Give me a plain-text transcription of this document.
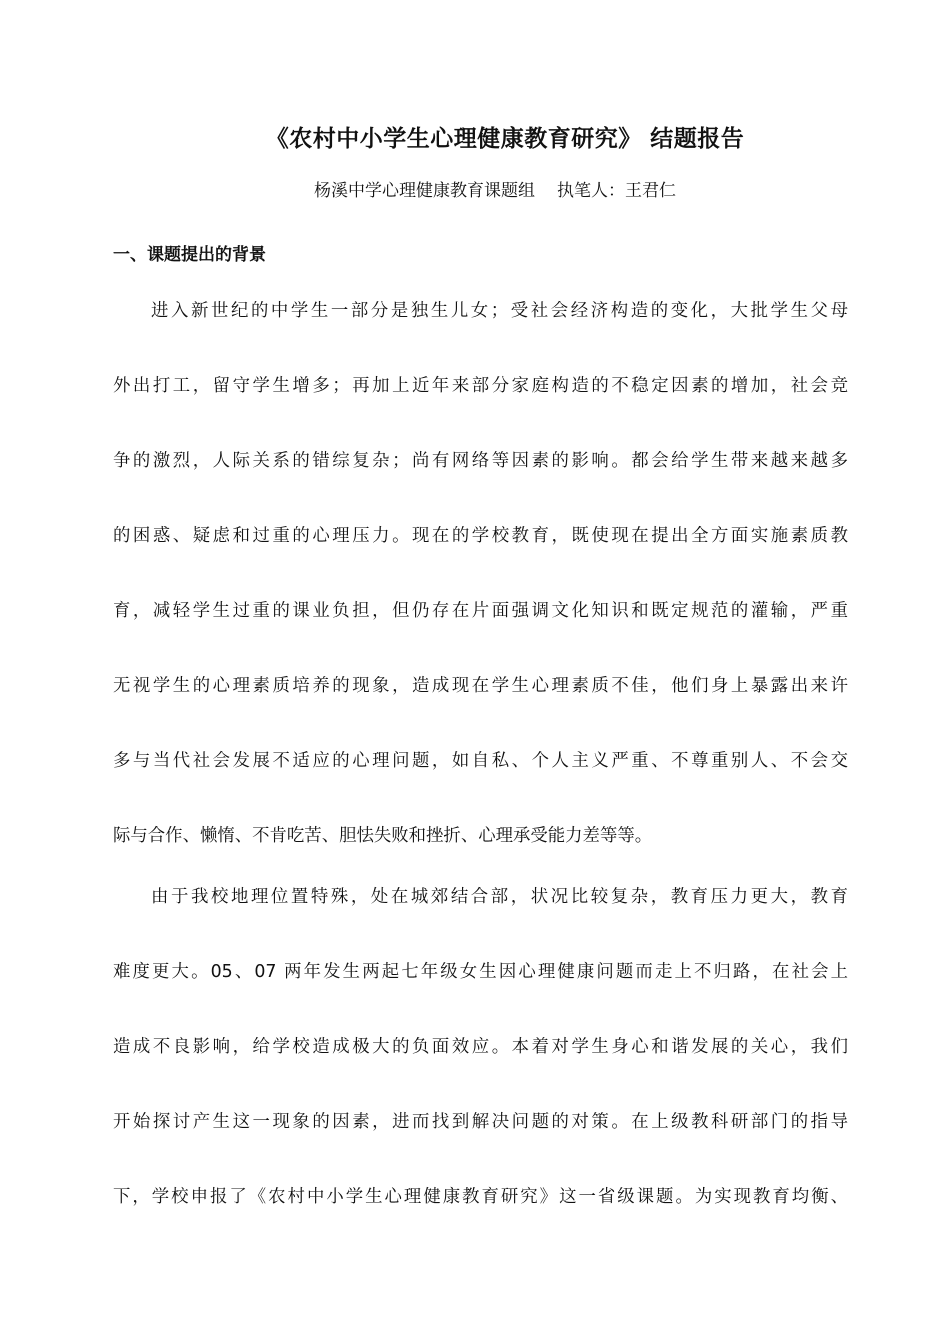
《农村中小学生心理健康教育研究》 结题报告
杨溪中学心理健康教育课题组 执笔人：王君仁
一、课题提出的背景
进入新世纪的中学生一部分是独生儿女；受社会经济构造的变化，大批学生父母
外出打工，留守学生增多；再加上近年来部分家庭构造的不稳定因素的增加，社会竞
争的激烈，人际关系的错综复杂；尚有网络等因素的影响。都会给学生带来越来越多
的困惑、疑虑和过重的心理压力。现在的学校教育，既使现在提出全方面实施素质教
育，减轻学生过重的课业负担，但仍存在片面强调文化知识和既定规范的灌输，严重
无视学生的心理素质培养的现象，造成现在学生心理素质不佳，他们身上暴露出来许
多与当代社会发展不适应的心理问题，如自私、个人主义严重、不尊重别人、不会交
际与合作、懒惰、不肯吃苦、胆怯失败和挫折、心理承受能力差等等。
由于我校地理位置特殊，处在城郊结合部，状况比较复杂，教育压力更大，教育
难度更大。05、07 两年发生两起七年级女生因心理健康问题而走上不归路，在社会上
造成不良影响，给学校造成极大的负面效应。本着对学生身心和谐发展的关心，我们
开始探讨产生这一现象的因素，进而找到解决问题的对策。在上级教科研部门的指导
下，学校申报了《农村中小学生心理健康教育研究》这一省级课题。为实现教育均衡、
